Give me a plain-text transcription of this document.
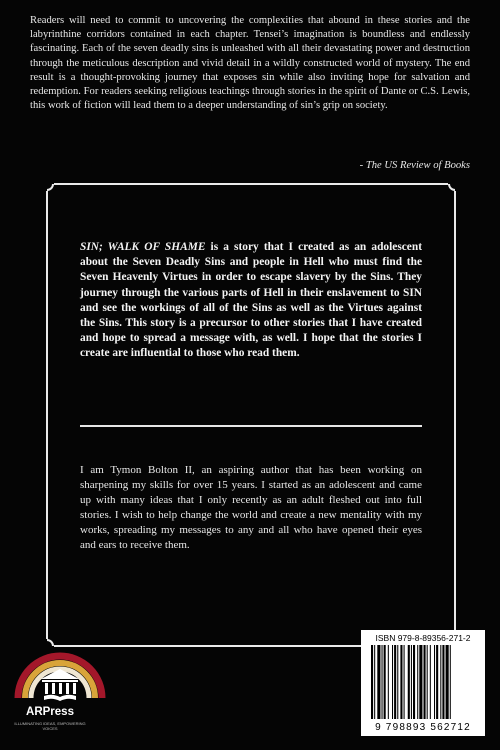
Readers will need to commit to uncovering the complexities that abound in these stories and the labyrinthine corridors contained in each chapter. Tensei’s imagination is boundless and endlessly fascinating. Each of the seven deadly sins is unleashed with all their devastating power and destruction through the meticulous description and vivid detail in a wildly constructed world of mystery. The end result is a thought-provoking journey that exposes sin while also inviting hope for salvation and redemption. For readers seeking religious teachings through stories in the spirit of Dante or C.S. Lewis, this work of fiction will lead them to a deeper understanding of sin’s grip on society.
- The US Review of Books
SIN; WALK OF SHAME is a story that I created as an adolescent about the Seven Deadly Sins and people in Hell who must find the Seven Heavenly Virtues in order to escape slavery by the Sins. They journey through the various parts of Hell in their enslavement to SIN and see the workings of all of the Sins as well as the Virtues against the Sins. This story is a precursor to other stories that I have created and hope to spread a message with, as well. I hope that the stories I create are influential to those who read them.
I am Tymon Bolton II, an aspiring author that has been working on sharpening my skills for over 15 years. I started as an adolescent and came up with many ideas that I only recently as an adult fleshed out into full stories. I wish to help change the world and create a new mentality with my works, spreading my messages to any and all who have opened their eyes and ears to receive them.
ARPress
ILLUMINATING IDEAS, EMPOWERING VOICES
ISBN 979-8-89356-271-2
9 798893 562712
